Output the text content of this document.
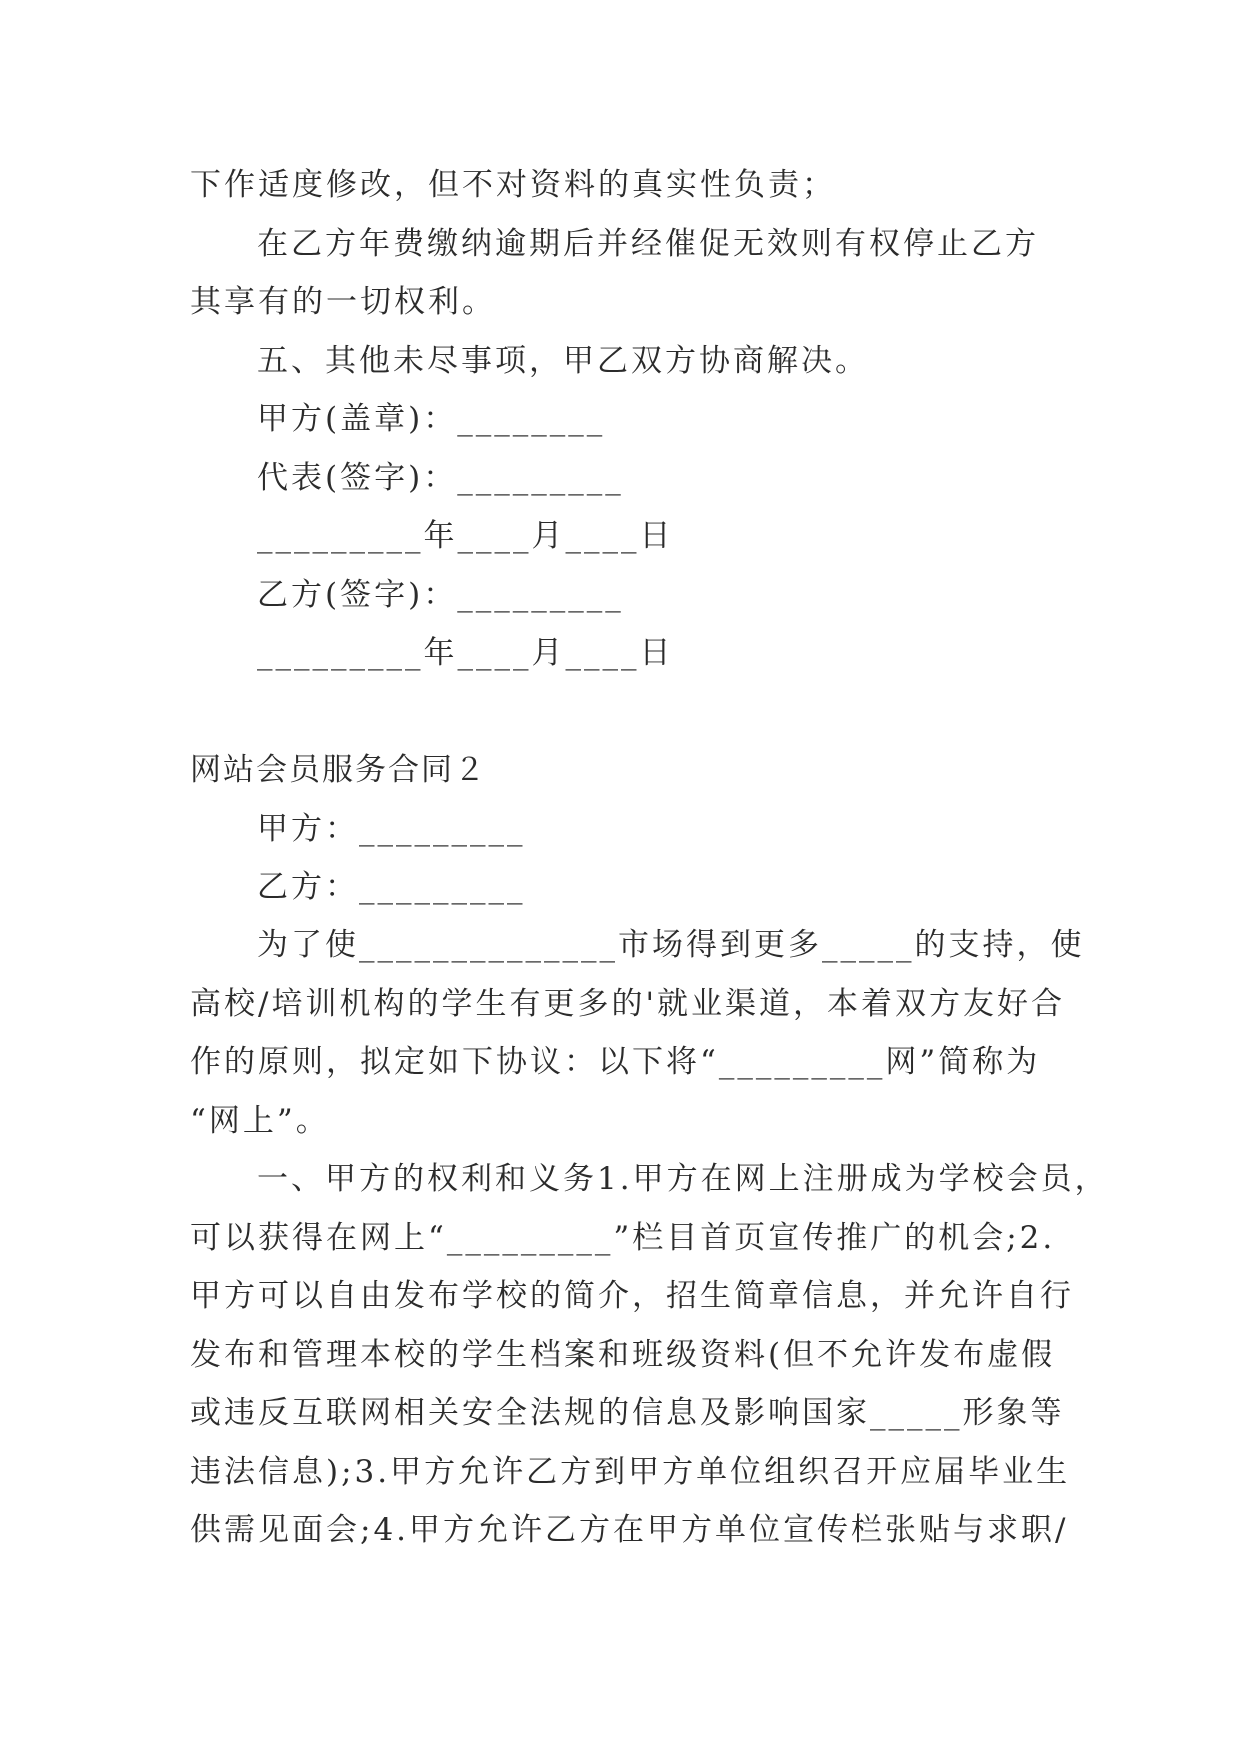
下作适度修改，但不对资料的真实性负责；
在乙方年费缴纳逾期后并经催促无效则有权停止乙方
其享有的一切权利。
五、其他未尽事项，甲乙双方协商解决。
甲方(盖章)：________
代表(签字)：_________
_________年____月____日
乙方(签字)：_________
_________年____月____日
网站会员服务合同２
甲方：_________
乙方：_________
为了使______________市场得到更多_____的支持，使
高校/培训机构的学生有更多的'就业渠道，本着双方友好合
作的原则，拟定如下协议：以下将“_________网”简称为
“网上”。
一、甲方的权利和义务1.甲方在网上注册成为学校会员，
可以获得在网上“_________”栏目首页宣传推广的机会;2.
甲方可以自由发布学校的简介，招生简章信息，并允许自行
发布和管理本校的学生档案和班级资料(但不允许发布虚假
或违反互联网相关安全法规的信息及影响国家_____形象等
违法信息);3.甲方允许乙方到甲方单位组织召开应届毕业生
供需见面会;4.甲方允许乙方在甲方单位宣传栏张贴与求职/
